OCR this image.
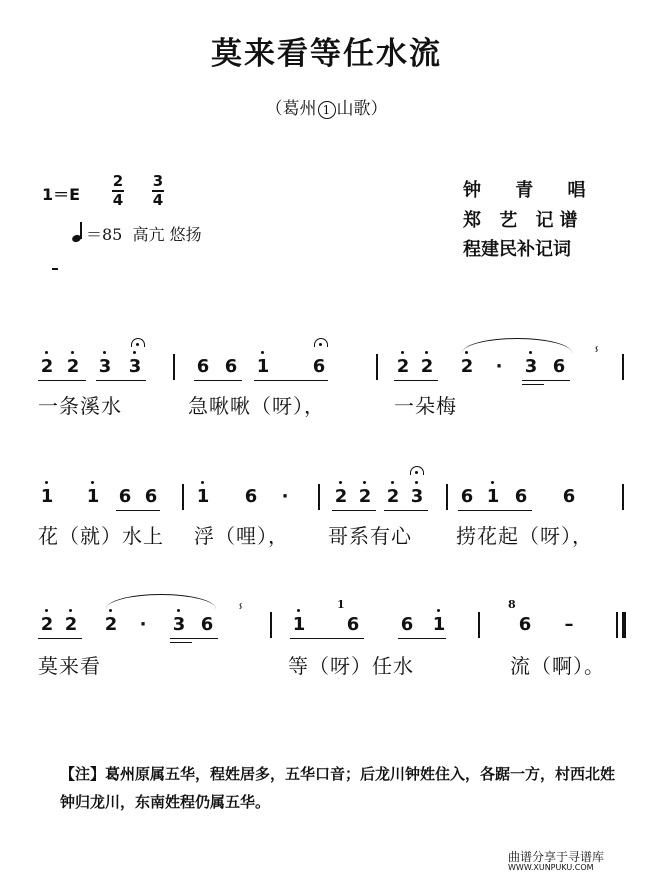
莫来看等任水流
（葛州 1 山歌）
1＝E
2
4
3
4
＝85 高亢 悠扬
钟 青 唱
郑 艺 记谱
程建民补记词
2 2 3 3	6 6 1 6	2 2 2 · 3 6 ⸯ
一条溪水	急啾啾（呀），	一朵梅
1 1 6 6 1 6 ·	2 2 2 3 6 1 6 6
花（就）水上 浮（哩）， 哥系有心 捞花起（呀），
2 2 2 · 3 6
ⸯ
1
1
6 6 1
8
6 –
莫来看	等（呀）任水	流（啊）。
【注】葛州原属五华，程姓居多，五华口音；后龙川钟姓住入，各踞一方，村西北姓钟归龙川，东南姓程仍属五华。
曲谱分享于寻谱库
WWW.XUNPUKU.COM
